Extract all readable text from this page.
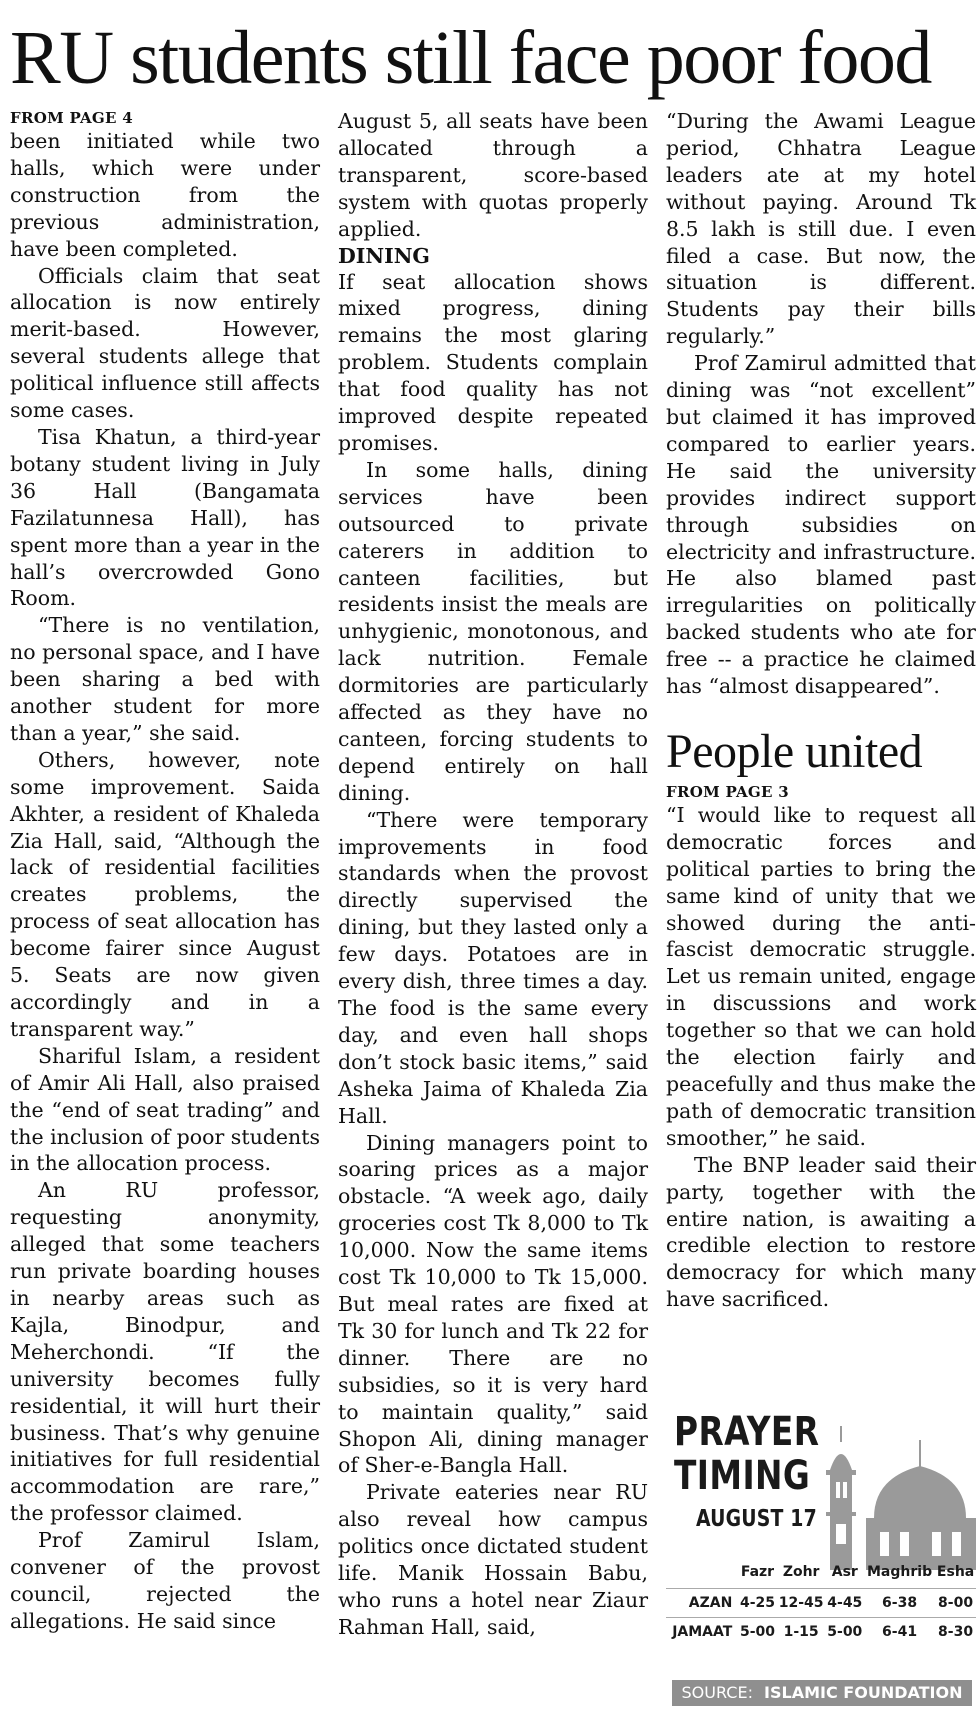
RU students still face poor food
FROM PAGE 4

been initiated while two halls, which were under construction from the previous administration, have been completed.

Officials claim that seat allocation is now entirely merit-based. However, several students allege that political influence still affects some cases.

Tisa Khatun, a third-year botany student living in July 36 Hall (Bangamata Fazilatunnesa Hall), has spent more than a year in the hall’s overcrowded Gono Room.

“There is no ventilation, no personal space, and I have been sharing a bed with another student for more than a year,” she said.

Others, however, note some improvement. Saida Akhter, a resident of Khaleda Zia Hall, said, “Although the lack of residential facilities creates problems, the process of seat allocation has become fairer since August 5. Seats are now given accordingly and in a transparent way.”

Shariful Islam, a resident of Amir Ali Hall, also praised the “end of seat trading” and the inclusion of poor students in the allocation process.

An RU professor, requesting anonymity, alleged that some teachers run private boarding houses in nearby areas such as Kajla, Binodpur, and Meherchondi. “If the university becomes fully residential, it will hurt their business. That’s why genuine initiatives for full residential accommodation are rare,” the professor claimed.

Prof Zamirul Islam, convener of the provost council, rejected the allegations. He said since

August 5, all seats have been allocated through a transparent, score-based system with quotas properly applied.

DINING

If seat allocation shows mixed progress, dining remains the most glaring problem. Students complain that food quality has not improved despite repeated promises.

In some halls, dining services have been outsourced to private caterers in addition to canteen facilities, but residents insist the meals are unhygienic, monotonous, and lack nutrition. Female dormitories are particularly affected as they have no canteen, forcing students to depend entirely on hall dining.

“There were temporary improvements in food standards when the provost directly supervised the dining, but they lasted only a few days. Potatoes are in every dish, three times a day. The food is the same every day, and even hall shops don’t stock basic items,” said Asheka Jaima of Khaleda Zia Hall.

Dining managers point to soaring prices as a major obstacle. “A week ago, daily groceries cost Tk 8,000 to Tk 10,000. Now the same items cost Tk 10,000 to Tk 15,000. But meal rates are fixed at Tk 30 for lunch and Tk 22 for dinner. There are no subsidies, so it is very hard to maintain quality,” said Shopon Ali, dining manager of Sher-e-Bangla Hall.

Private eateries near RU also reveal how campus politics once dictated student life. Manik Hossain Babu, who runs a hotel near Ziaur Rahman Hall, said,

“During the Awami League period, Chhatra League leaders ate at my hotel without paying. Around Tk 8.5 lakh is still due. I even filed a case. But now, the situation is different. Students pay their bills regularly.”

Prof Zamirul admitted that dining was “not excellent” but claimed it has improved compared to earlier years. He said the university provides indirect support through subsidies on electricity and infrastructure. He also blamed past irregularities on politically backed students who ate for free -- a practice he claimed has “almost disappeared”.

People united
FROM PAGE 3

“I would like to request all democratic forces and political parties to bring the same kind of unity that we showed during the anti-fascist democratic struggle. Let us remain united, engage in discussions and work together so that we can hold the election fairly and peacefully and thus make the path of democratic transition smoother,” he said.

The BNP leader said their party, together with the entire nation, is awaiting a credible election to restore democracy for which many have sacrificed.

PRAYER
TIMING
AUGUST 17
	Fazr	Zohr	Asr	Maghrib	Esha
AZAN	4-25	12-45	4-45	6-38	8-00
JAMAAT	5-00	1-15	5-00	6-41	8-30
SOURCE: ISLAMIC FOUNDATION
